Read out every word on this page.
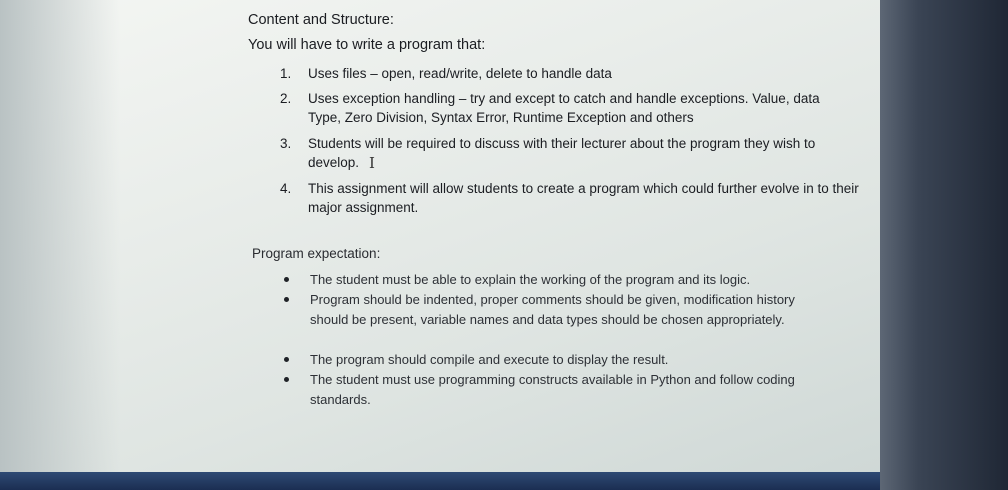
Content and Structure:
You will have to write a program that:
1. Uses files – open, read/write, delete to handle data
2. Uses exception handling – try and except to catch and handle exceptions. Value, data Type, Zero Division, Syntax Error, Runtime Exception and others
3. Students will be required to discuss with their lecturer about the program they wish to develop. I
4. This assignment will allow students to create a program which could further evolve in to their major assignment.
Program expectation:
The student must be able to explain the working of the program and its logic.
Program should be indented, proper comments should be given, modification history should be present, variable names and data types should be chosen appropriately.
The program should compile and execute to display the result.
The student must use programming constructs available in Python and follow coding standards.
